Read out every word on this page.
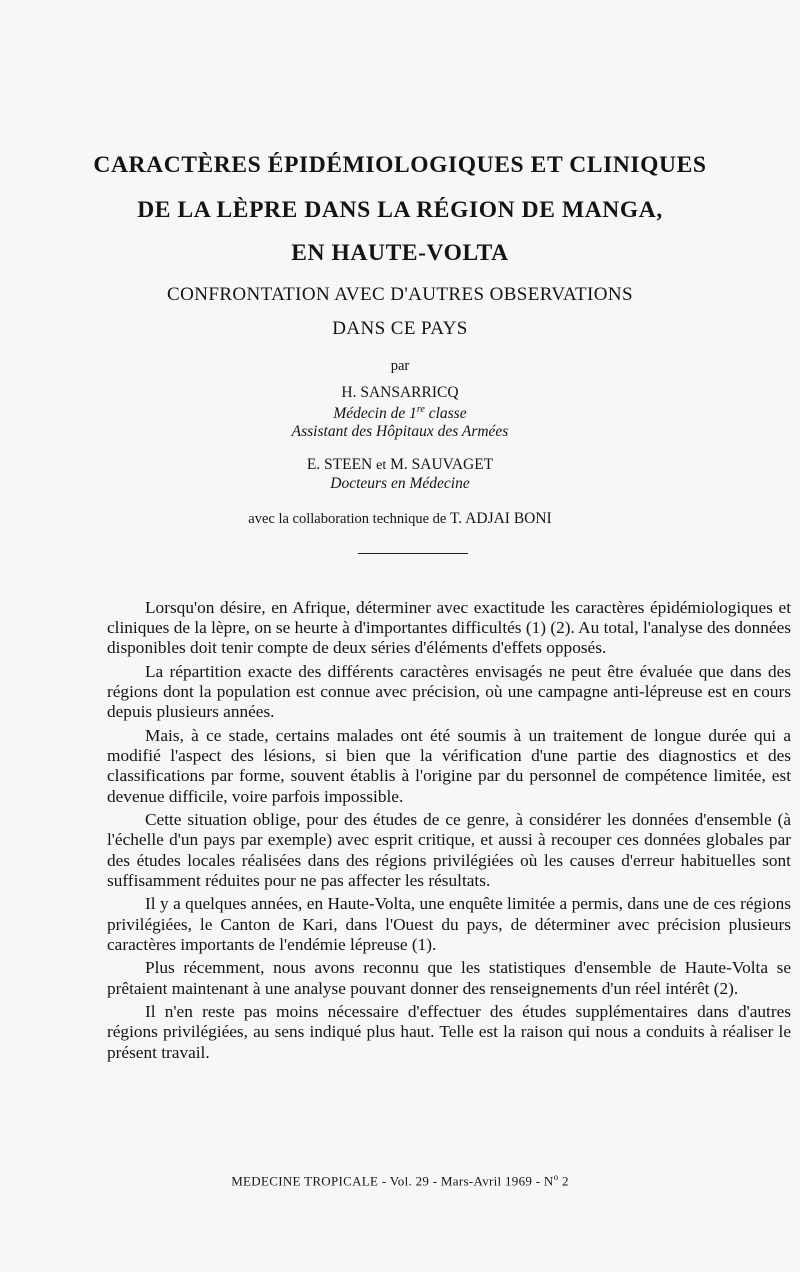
CARACTÈRES ÉPIDÉMIOLOGIQUES ET CLINIQUES
DE LA LÈPRE DANS LA RÉGION DE MANGA,
EN HAUTE-VOLTA

CONFRONTATION AVEC D'AUTRES OBSERVATIONS

DANS CE PAYS

par

H. SANSARRICQ

Médecin de 1re classe

Assistant des Hôpitaux des Armées

E. STEEN et M. SAUVAGET

Docteurs en Médecine

avec la collaboration technique de T. ADJAI BONI

Lorsqu'on désire, en Afrique, déterminer avec exactitude les caractères épidémiologiques et cliniques de la lèpre, on se heurte à d'importantes difficultés (1) (2). Au total, l'analyse des données disponibles doit tenir compte de deux séries d'éléments d'effets opposés.

La répartition exacte des différents caractères envisagés ne peut être évaluée que dans des régions dont la population est connue avec précision, où une campagne anti-lépreuse est en cours depuis plusieurs années.

Mais, à ce stade, certains malades ont été soumis à un traitement de longue durée qui a modifié l'aspect des lésions, si bien que la vérification d'une partie des diagnostics et des classifications par forme, souvent établis à l'origine par du personnel de compétence limitée, est devenue difficile, voire parfois impossible.

Cette situation oblige, pour des études de ce genre, à considérer les données d'ensemble (à l'échelle d'un pays par exemple) avec esprit critique, et aussi à recouper ces données globales par des études locales réalisées dans des régions privilégiées où les causes d'erreur habituelles sont suffisamment réduites pour ne pas affecter les résultats.

Il y a quelques années, en Haute-Volta, une enquête limitée a permis, dans une de ces régions privilégiées, le Canton de Kari, dans l'Ouest du pays, de déterminer avec précision plusieurs caractères importants de l'endémie lépreuse (1).

Plus récemment, nous avons reconnu que les statistiques d'ensemble de Haute-Volta se prêtaient maintenant à une analyse pouvant donner des renseignements d'un réel intérêt (2).

Il n'en reste pas moins nécessaire d'effectuer des études supplémentaires dans d'autres régions privilégiées, au sens indiqué plus haut. Telle est la raison qui nous a conduits à réaliser le présent travail.

MEDECINE TROPICALE - Vol. 29 - Mars-Avril $1969 - N^o$ 2
